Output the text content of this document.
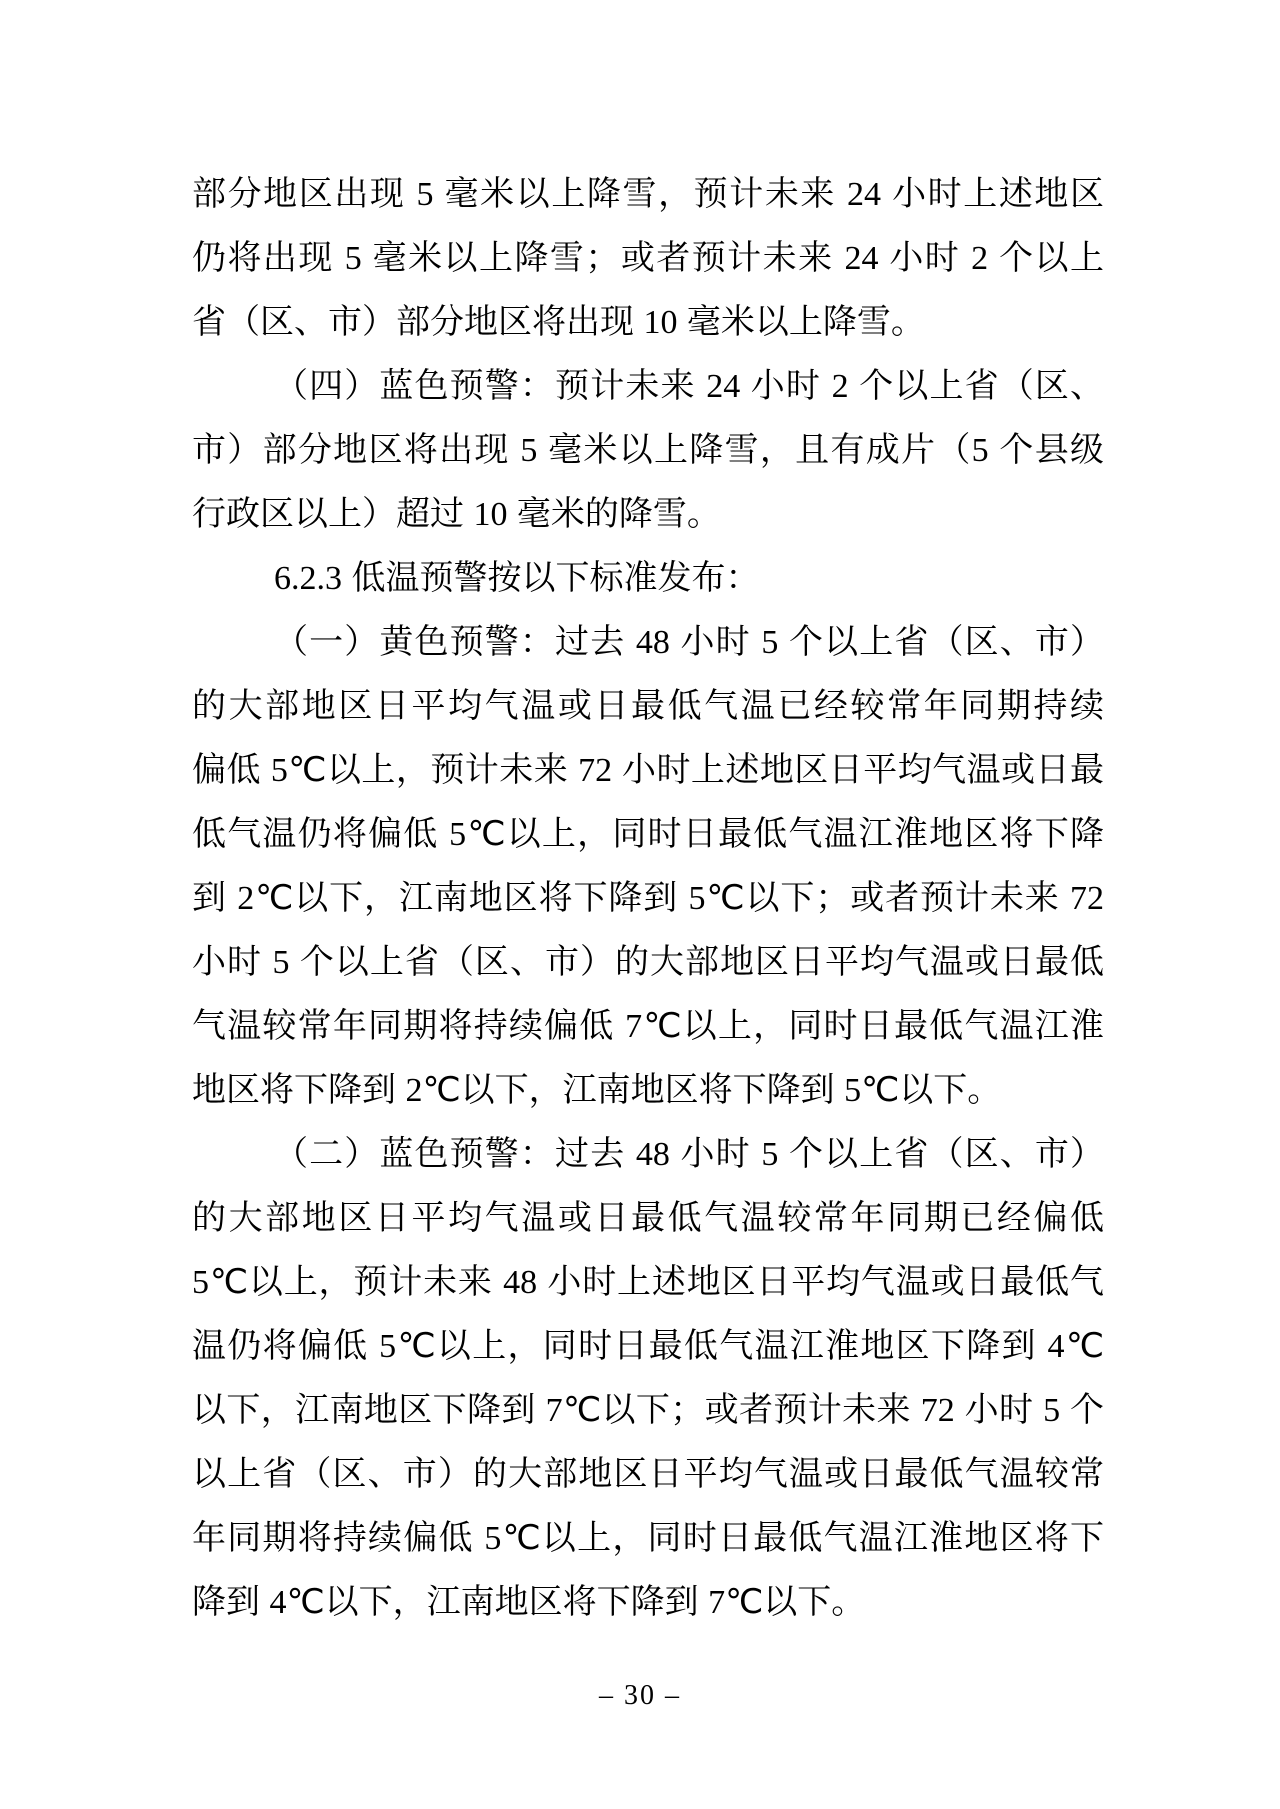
部分地区出现 5 毫米以上降雪，预计未来 24 小时上述地区
仍将出现 5 毫米以上降雪；或者预计未来 24 小时 2 个以上
省（区、市）部分地区将出现 10 毫米以上降雪。
（四）蓝色预警：预计未来 24 小时 2 个以上省（区、
市）部分地区将出现 5 毫米以上降雪，且有成片（5 个县级
行政区以上）超过 10 毫米的降雪。
6.2.3 低温预警按以下标准发布：
（一）黄色预警：过去 48 小时 5 个以上省（区、市）
的大部地区日平均气温或日最低气温已经较常年同期持续
偏低 5℃以上，预计未来 72 小时上述地区日平均气温或日最
低气温仍将偏低 5℃以上，同时日最低气温江淮地区将下降
到 2℃以下，江南地区将下降到 5℃以下；或者预计未来 72
小时 5 个以上省（区、市）的大部地区日平均气温或日最低
气温较常年同期将持续偏低 7℃以上，同时日最低气温江淮
地区将下降到 2℃以下，江南地区将下降到 5℃以下。
（二）蓝色预警：过去 48 小时 5 个以上省（区、市）
的大部地区日平均气温或日最低气温较常年同期已经偏低
5℃以上，预计未来 48 小时上述地区日平均气温或日最低气
温仍将偏低 5℃以上，同时日最低气温江淮地区下降到 4℃
以下，江南地区下降到 7℃以下；或者预计未来 72 小时 5 个
以上省（区、市）的大部地区日平均气温或日最低气温较常
年同期将持续偏低 5℃以上，同时日最低气温江淮地区将下
降到 4℃以下，江南地区将下降到 7℃以下。
– 30 –
